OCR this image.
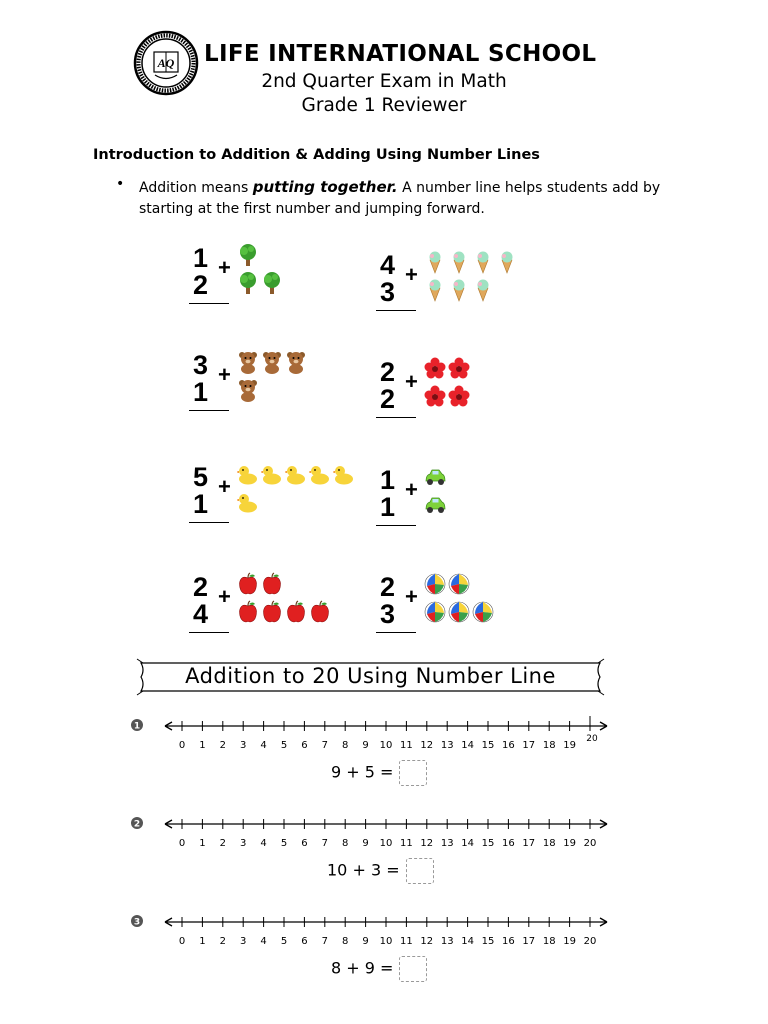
AQ LIFE INTERNATIONAL SCHOOL
2nd Quarter Exam in Math
Grade 1 Reviewer
Introduction to Addition & Adding Using Number Lines
• Addition means putting together. A number line helps students add by starting at the first number and jumping forward.
1
2
+	4
3
+
3
1
+	2
2
+
5
1
+	1
1
+
2
4
+	2
3
+
Addition to 20 Using Number Line
1
0 1 2 3 4 5 6 7 8 9 10 11 12 13 14 15 16 17 18 19
20
9 + 5 =
2
0 1 2 3 4 5 6 7 8 9 10 11 12 13 14 15 16 17 18 19 20
10 + 3 =
3
0 1 2 3 4 5 6 7 8 9 10 11 12 13 14 15 16 17 18 19 20
8 + 9 =
